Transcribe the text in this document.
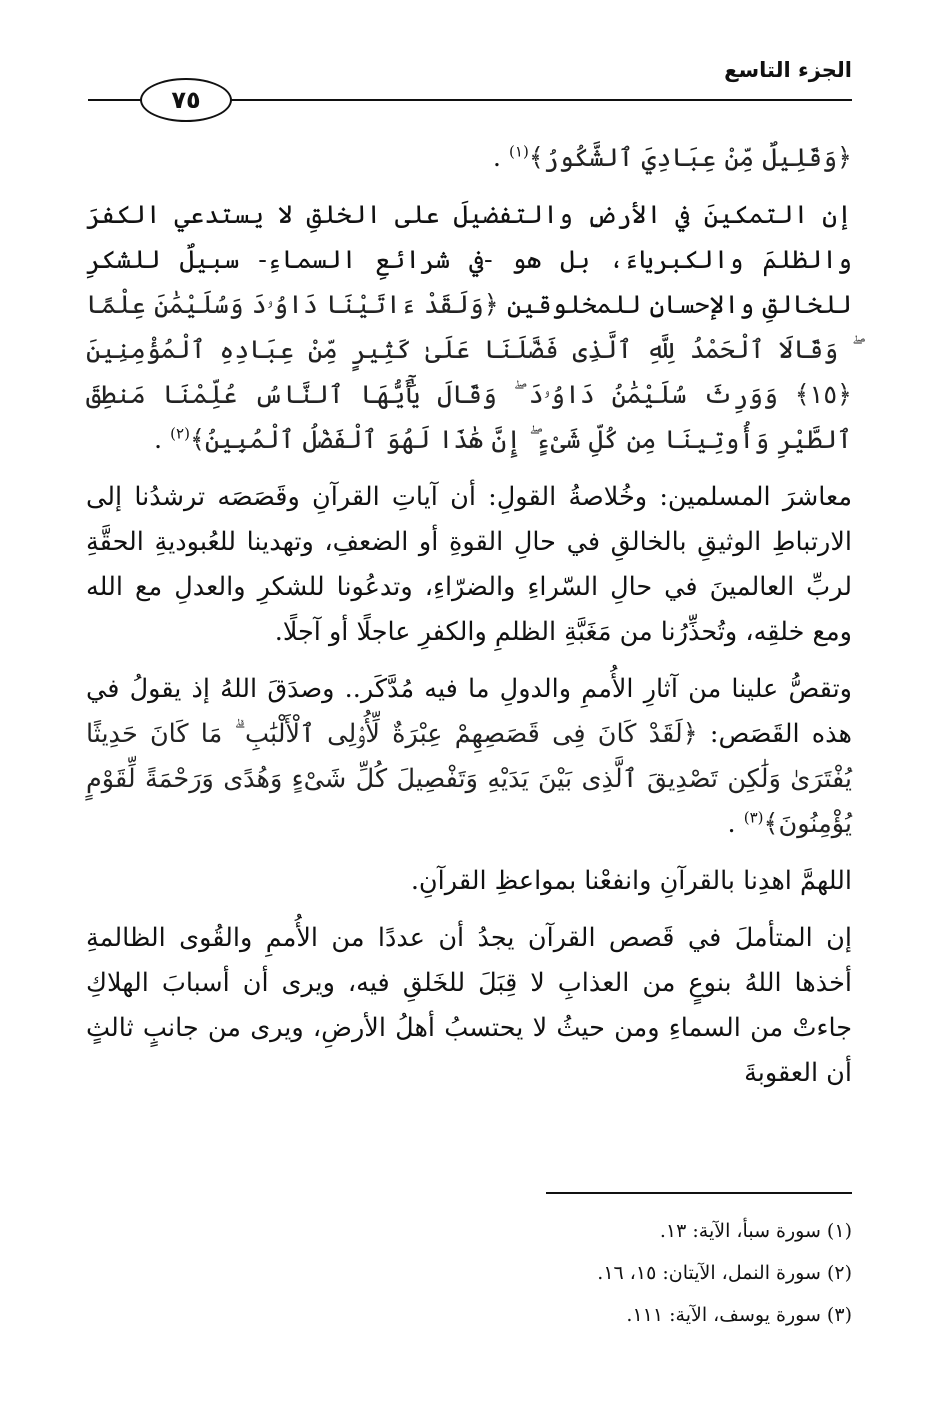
الجزء التاسع
٧٥

﴿وَقَلِيلٌ مِّنْ عِبَادِيَ ٱلشَّكُورُ﴾$^{(١)}$ .

إن التمكينَ في الأرضِ والتفضيلَ على الخلقِ لا يستدعي الكفرَ والظلمَ والكبرياءَ، بل هو -في شرائعِ السماءِ- سبيلٌ للشكرِ للخالقِ والإحسانِ للمخلوقين ﴿وَلَقَدْ ءَاتَيْنَا دَاوُۥدَ وَسُلَيْمَٰنَ عِلْمًا ۖ وَقَالَا ٱلْحَمْدُ لِلَّهِ ٱلَّذِى فَضَّلَنَا عَلَىٰ كَثِيرٍ مِّنْ عِبَادِهِ ٱلْمُؤْمِنِينَ ﴿١٥﴾ وَوَرِثَ سُلَيْمَٰنُ دَاوُۥدَ ۖ وَقَالَ يَٰٓأَيُّهَا ٱلنَّاسُ عُلِّمْنَا مَنطِقَ ٱلطَّيْرِ وَأُوتِينَا مِن كُلِّ شَىْءٍ ۖ إِنَّ هَٰذَا لَهُوَ ٱلْفَضْلُ ٱلْمُبِينُ﴾$^{(٢)}$ .

معاشرَ المسلمين: وخُلاصةُ القولِ: أن آياتِ القرآنِ وقَصَصَه ترشدُنا إلى الارتباطِ الوثيقِ بالخالقِ في حالِ القوةِ أو الضعفِ، وتهدينا للعُبوديةِ الحقَّةِ لربِّ العالمينَ في حالِ السّراءِ والضرّاءِ، وتدعُونا للشكرِ والعدلِ مع الله ومع خلقِه، وتُحذِّرُنا من مَغَبَّةِ الظلمِ والكفرِ عاجلًا أو آجلًا.

وتقصُّ علينا من آثارِ الأُممِ والدولِ ما فيه مُدَّكَر.. وصدَقَ اللهُ إذ يقولُ في هذه القَصَص: ﴿لَقَدْ كَانَ فِى قَصَصِهِمْ عِبْرَةٌ لِّأُو۟لِى ٱلْأَلْبَٰبِ ۗ مَا كَانَ حَدِيثًا يُفْتَرَىٰ وَلَٰكِن تَصْدِيقَ ٱلَّذِى بَيْنَ يَدَيْهِ وَتَفْصِيلَ كُلِّ شَىْءٍ وَهُدًى وَرَحْمَةً لِّقَوْمٍ يُؤْمِنُونَ﴾$^{(٣)}$ .

اللهمَّ اهدِنا بالقرآنِ وانفعْنا بمواعظِ القرآنِ.

إن المتأملَ في قَصص القرآن يجدُ أن عددًا من الأُممِ والقُوى الظالمةِ أخذها اللهُ بنوعٍ من العذابِ لا قِبَلَ للخَلقِ فيه، ويرى أن أسبابَ الهلاكِ جاءتْ من السماءِ ومن حيثُ لا يحتسبُ أهلُ الأرضِ، ويرى من جانبٍ ثالثٍ أن العقوبةَ

(١) سورة سبأ، الآية: ١٣.

(٢) سورة النمل، الآيتان: ١٥، ١٦.

(٣) سورة يوسف، الآية: ١١١.
